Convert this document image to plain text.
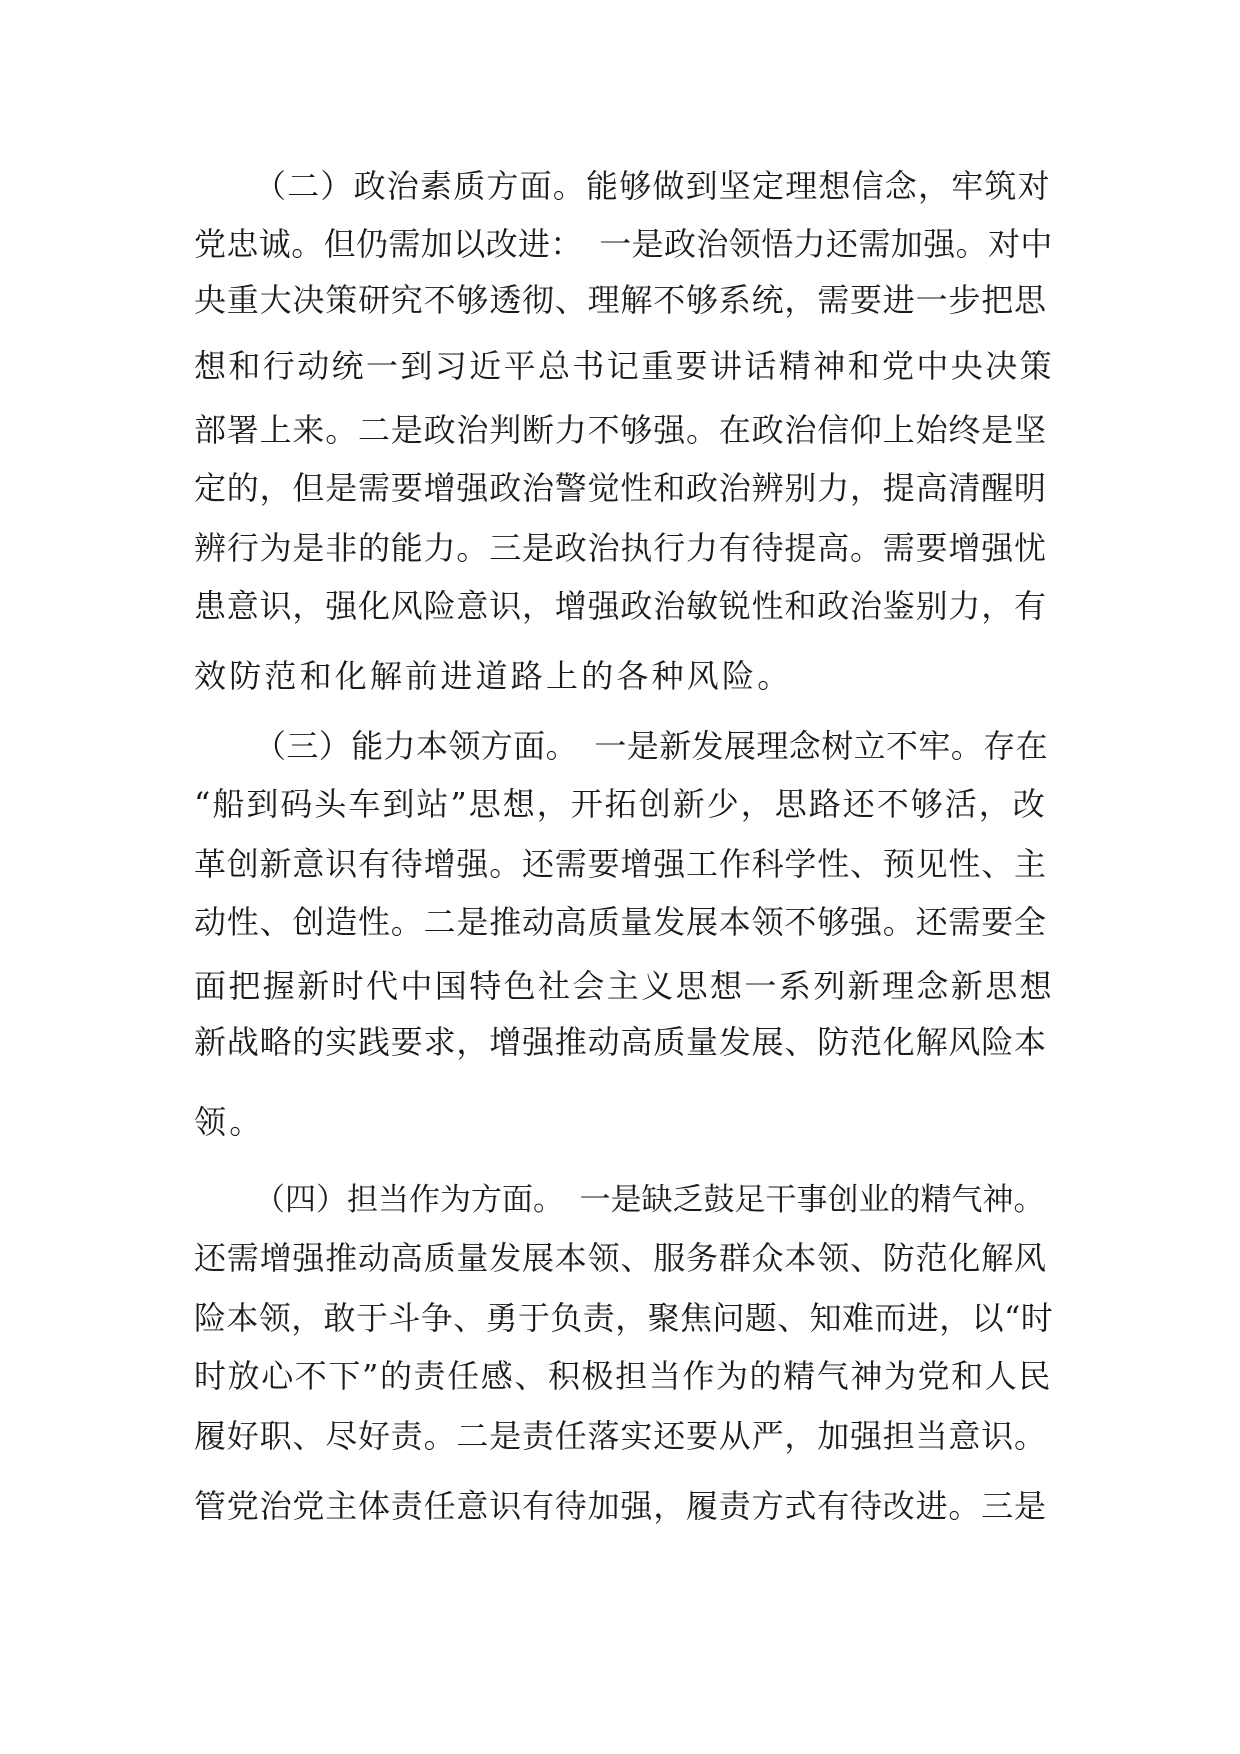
（二）政治素质方面。能够做到坚定理想信念，牢筑对
党忠诚。但仍需加以改进：　一是政治领悟力还需加强。对中
央重大决策研究不够透彻、理解不够系统，需要进一步把思
想和行动统一到习近平总书记重要讲话精神和党中央决策
部署上来。二是政治判断力不够强。在政治信仰上始终是坚
定的，但是需要增强政治警觉性和政治辨别力，提高清醒明
辨行为是非的能力。三是政治执行力有待提高。需要增强忧
患意识，强化风险意识，增强政治敏锐性和政治鉴别力，有
效防范和化解前进道路上的各种风险。
（三）能力本领方面。　一是新发展理念树立不牢。存在
“船到码头车到站”思想，开拓创新少，思路还不够活，改
革创新意识有待增强。还需要增强工作科学性、预见性、主
动性、创造性。二是推动高质量发展本领不够强。还需要全
面把握新时代中国特色社会主义思想一系列新理念新思想
新战略的实践要求，增强推动高质量发展、防范化解风险本
领。
（四）担当作为方面。　一是缺乏鼓足干事创业的精气神。
还需增强推动高质量发展本领、服务群众本领、防范化解风
险本领，敢于斗争、勇于负责，聚焦问题、知难而进，以“时
时放心不下”的责任感、积极担当作为的精气神为党和人民
履好职、尽好责。二是责任落实还要从严，加强担当意识。
管党治党主体责任意识有待加强，履责方式有待改进。三是
